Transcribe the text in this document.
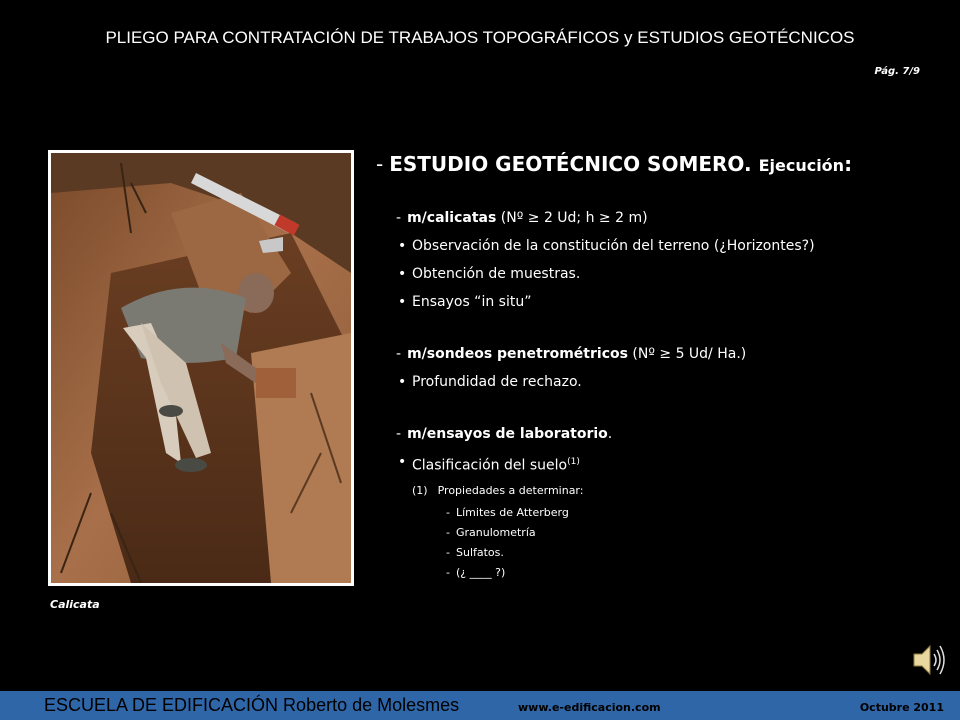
PLIEGO PARA CONTRATACIÓN DE TRABAJOS TOPOGRÁFICOS y ESTUDIOS GEOTÉCNICOS
Pág. 7/9
Calicata
- ESTUDIO GEOTÉCNICO SOMERO. Ejecución:
- m/calicatas (Nº ≥ 2 Ud; h ≥ 2 m)
• Observación de la constitución del terreno (¿Horizontes?)
• Obtención de muestras.
• Ensayos “in situ”
- m/sondeos penetrométricos (Nº ≥ 5 Ud/ Ha.)
• Profundidad de rechazo.
- m/ensayos de laboratorio.
• Clasificación del suelo$^{(1)}$
(1) Propiedades a determinar:
- Límites de Atterberg
- Granulometría
- Sulfatos.
- (¿ ____ ?)
ESCUELA DE EDIFICACIÓN Roberto de Molesmes	www.e-edificacion.com	Octubre 2011
